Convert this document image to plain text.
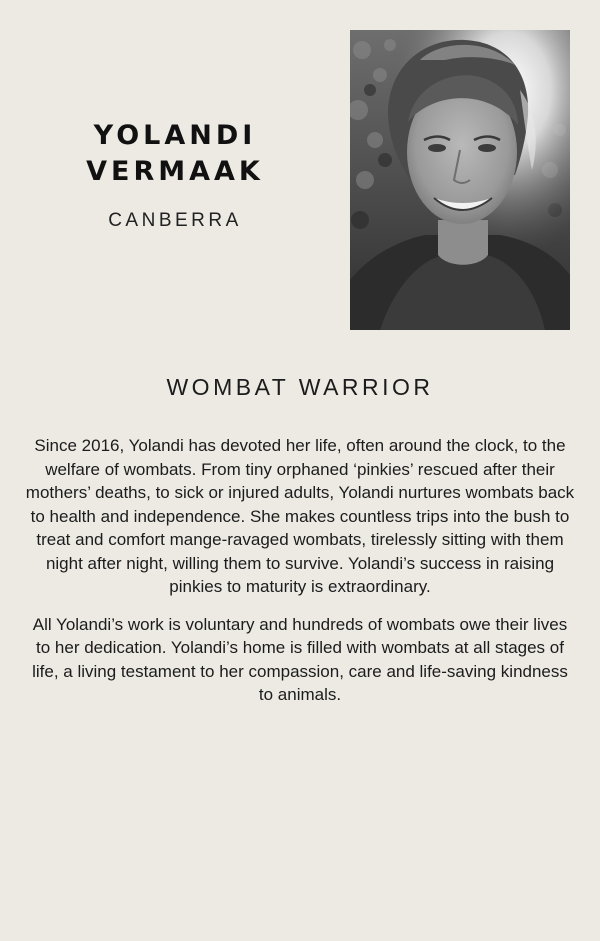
YOLANDI
VERMAAK
CANBERRA
WOMBAT WARRIOR

Since 2016, Yolandi has devoted her life, often around the clock, to the welfare of wombats. From tiny orphaned ‘pinkies’ rescued after their mothers’ deaths, to sick or injured adults, Yolandi nurtures wombats back to health and independence. She makes countless trips into the bush to treat and comfort mange-ravaged wombats, tirelessly sitting with them night after night, willing them to survive. Yolandi’s success in raising pinkies to maturity is extraordinary.

All Yolandi’s work is voluntary and hundreds of wombats owe their lives to her dedication. Yolandi’s home is filled with wombats at all stages of life, a living testament to her compassion, care and life-saving kindness to animals.
